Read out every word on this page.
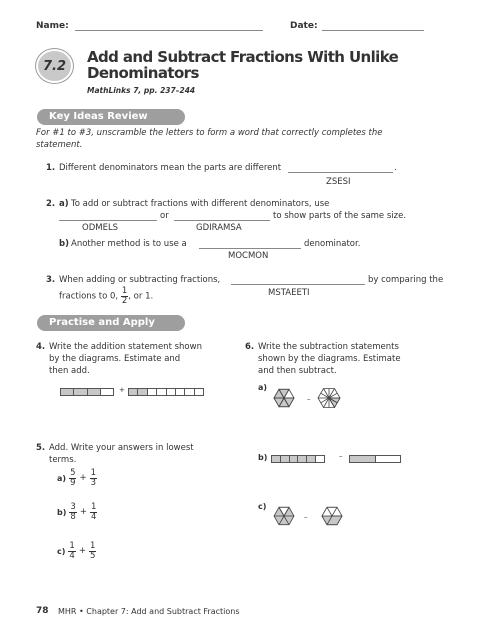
Name:	Date:
7.2	Add and Subtract Fractions With Unlike
Denominators
MathLinks 7, pp. 237–244
Key Ideas Review
For #1 to #3, unscramble the letters to form a word that correctly completes the
statement.
1. Different denominators mean the parts are different	.
ZSESI
2. a) To add or subtract fractions with different denominators, use
or	to show parts of the same size.
ODMELS	GDIRAMSA
b) Another method is to use a	denominator.
MOCMON
3. When adding or subtracting fractions,	by comparing the
fractions to 0, $\frac{1}{2}$ , or 1.	MSTAEETI
Practise and Apply
4. Write the addition statement shown
by the diagrams. Estimate and
then add.
+
5. Add. Write your answers in lowest
terms.
$a) \frac{5}{9} + \frac{1}{3}$
$b) \frac{3}{8} + \frac{1}{4}$
$c) \frac{1}{4} + \frac{1}{5}$
6. Write the subtraction statements
shown by the diagrams. Estimate
and then subtract.
a)
–
b)	–
c)
–
78 MHR • Chapter 7: Add and Subtract Fractions
